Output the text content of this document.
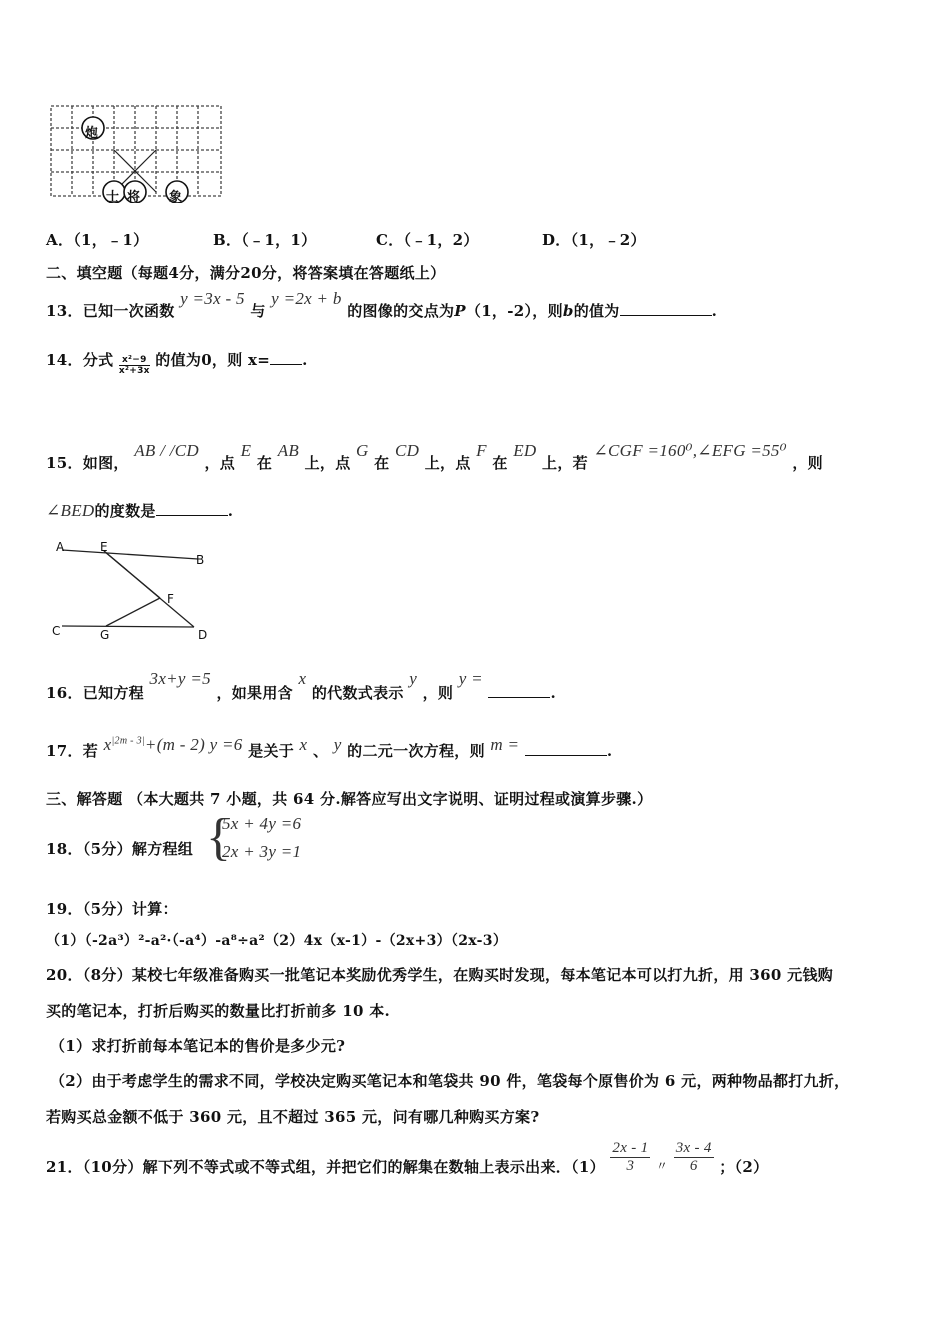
炮
士 将 象
A．（1，﹣1）	B．（﹣1，1）	C．（﹣1，2）	D．（1，﹣2）
二、填空题（每题4分，满分20分，将答案填在答题纸上）
13．已知一次函数 y =3x - 5 与 y =2x + b 的图像的交点为P（1，-2），则b的值为	.
14．分式 $\frac{\text{x²−9}}{\text{x²+3x}}$ 的值为0，则 x= .
15．如图， AB / /CD ，点 E 在 AB 上，点 G 在 CD 上，点 F 在 ED 上，若 ∠CGF =160⁰,∠EFG =55⁰ ，则
∠BED的度数是	.
A	E
B
F
C	G	D
16．已知方程 3x+y =5 ，如果用含 x 的代数式表示 y ，则 y = .
17．若 $x^{|2m - 3|}+(m - 2)$ y =6 是关于 x 、 y 的二元一次方程，则 m =	.
三、解答题 （本大题共 7 小题，共 64 分.解答应写出文字说明、证明过程或演算步骤.）
18．（5分）解方程组 {
5x + 4y =6
2x + 3y =1
19．（5分）计算：
（1）（-2a³）²-a²·（-a⁴）-a⁸÷a²（2）4x（x-1）-（2x+3）（2x-3）
20．（8分）某校七年级准备购买一批笔记本奖励优秀学生，在购买时发现，每本笔记本可以打九折，用 360 元钱购
买的笔记本，打折后购买的数量比打折前多 10 本.
（1）求打折前每本笔记本的售价是多少元?
（2）由于考虑学生的需求不同，学校决定购买笔记本和笔袋共 90 件，笔袋每个原售价为 6 元，两种物品都打九折，
若购买总金额不低于 360 元，且不超过 365 元，问有哪几种购买方案?
21．（10分）解下列不等式或不等式组，并把它们的解集在数轴上表示出来．$(1) \frac{2x - 1}{3} _〃 \frac{3x - 4}{6}$ ；（2）
